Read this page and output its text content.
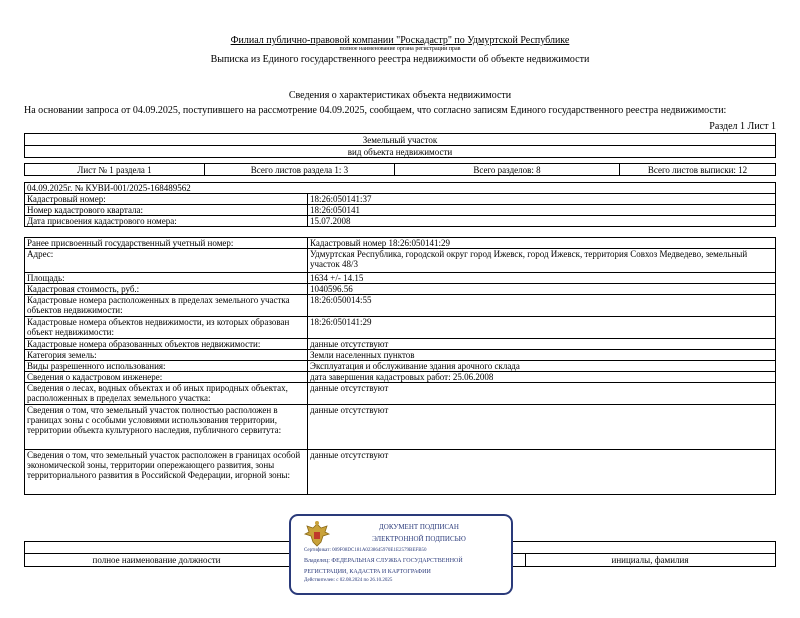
Филиал публично-правовой компании "Роскадастр" по Удмуртской Республике
полное наименование органа регистрации прав
Выписка из Единого государственного реестра недвижимости об объекте недвижимости
Сведения о характеристиках объекта недвижимости
На основании запроса от 04.09.2025, поступившего на рассмотрение 04.09.2025, сообщаем, что согласно записям Единого государственного реестра недвижимости:
Раздел 1 Лист 1
Земельный участок
вид объекта недвижимости
Лист № 1 раздела 1	Всего листов раздела 1: 3	Всего разделов: 8	Всего листов выписки: 12
04.09.2025г. № КУВИ-001/2025-168489562
Кадастровый номер:	18:26:050141:37
Номер кадастрового квартала:	18:26:050141
Дата присвоения кадастрового номера:	15.07.2008
Ранее присвоенный государственный учетный номер:	Кадастровый номер 18:26:050141:29
Адрес:	Удмуртская Республика, городской округ город Ижевск, город Ижевск, территория Совхоз Медведево, земельный участок 48/3
Площадь:	1634 +/- 14.15
Кадастровая стоимость, руб.:	1040596.56
Кадастровые номера расположенных в пределах земельного участка объектов недвижимости:	18:26:050014:55
Кадастровые номера объектов недвижимости, из которых образован объект недвижимости:	18:26:050141:29
Кадастровые номера образованных объектов недвижимости:	данные отсутствуют
Категория земель:	Земли населенных пунктов
Виды разрешенного использования:	Эксплуатация и обслуживание здания арочного склада
Сведения о кадастровом инженере:	дата завершения кадастровых работ: 25.06.2008
Сведения о лесах, водных объектах и об иных природных объектах, расположенных в пределах земельного участка:	данные отсутствуют
Сведения о том, что земельный участок полностью расположен в границах зоны с особыми условиями использования территории, территории объекта культурного наследия, публичного сервитута:	данные отсутствуют
Сведения о том, что земельный участок расположен в границах особой экономической зоны, территории опережающего развития, зоны территориального развития в Российской Федерации, игорной зоны:	данные отсутствуют
полное наименование должности	инициалы, фамилия
ДОКУМЕНТ ПОДПИСАН
ЭЛЕКТРОННОЙ ПОДПИСЬЮ
Сертификат: 009F08DC181A0238645970E1E2579BEFB50
Владелец: ФЕДЕРАЛЬНАЯ СЛУЖБА ГОСУДАРСТВЕННОЙ
РЕГИСТРАЦИИ, КАДАСТРА И КАРТОГРАФИИ
Действителен: с 02.08.2024 по 26.10.2025
